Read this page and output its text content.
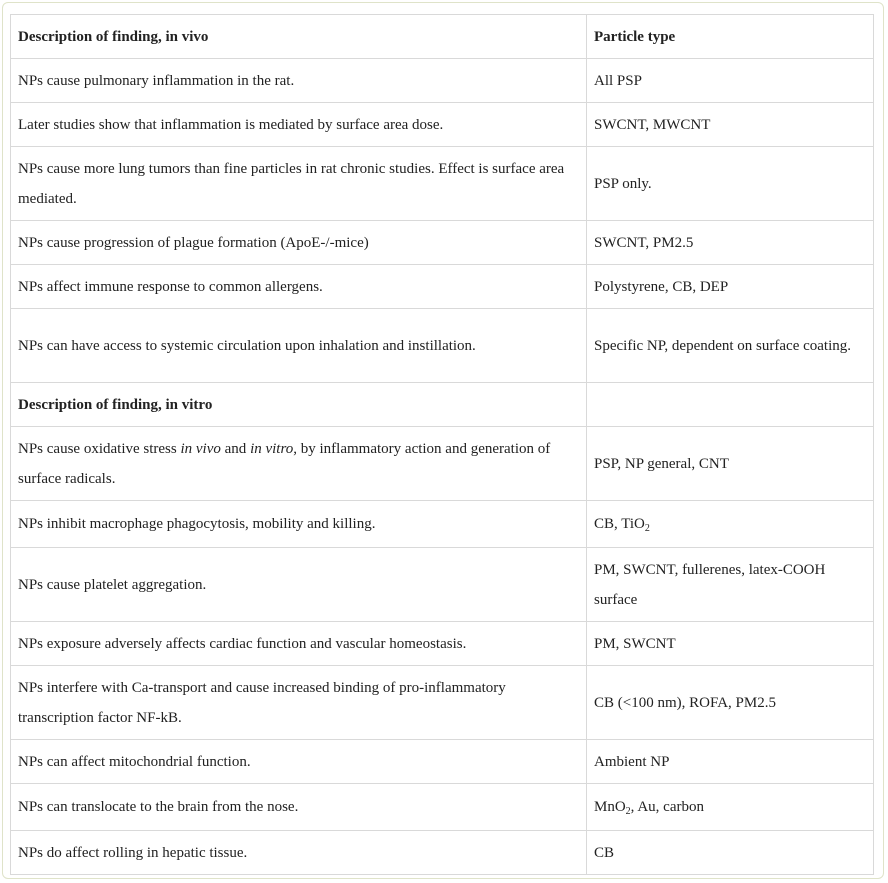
Description of finding, in vivo	Particle type
NPs cause pulmonary inflammation in the rat.	All PSP
Later studies show that inflammation is mediated by surface area dose.	SWCNT, MWCNT
NPs cause more lung tumors than fine particles in rat chronic studies. Effect is surface area mediated.	PSP only.
NPs cause progression of plague formation (ApoE-/-mice)	SWCNT, PM2.5
NPs affect immune response to common allergens.	Polystyrene, CB, DEP
NPs can have access to systemic circulation upon inhalation and instillation.	Specific NP, dependent on surface coating.
Description of finding, in vitro	
NPs cause oxidative stress in vivo and in vitro, by inflammatory action and generation of surface radicals.	PSP, NP general, CNT
NPs inhibit macrophage phagocytosis, mobility and killing.	CB, TiO$_2$
NPs cause platelet aggregation.	PM, SWCNT, fullerenes, latex-COOH surface
NPs exposure adversely affects cardiac function and vascular homeostasis.	PM, SWCNT
NPs interfere with Ca-transport and cause increased binding of pro-inflammatory transcription factor NF-kB.	CB (<100 nm), ROFA, PM2.5
NPs can affect mitochondrial function.	Ambient NP
NPs can translocate to the brain from the nose.	MnO$_2$, Au, carbon
NPs do affect rolling in hepatic tissue.	CB
